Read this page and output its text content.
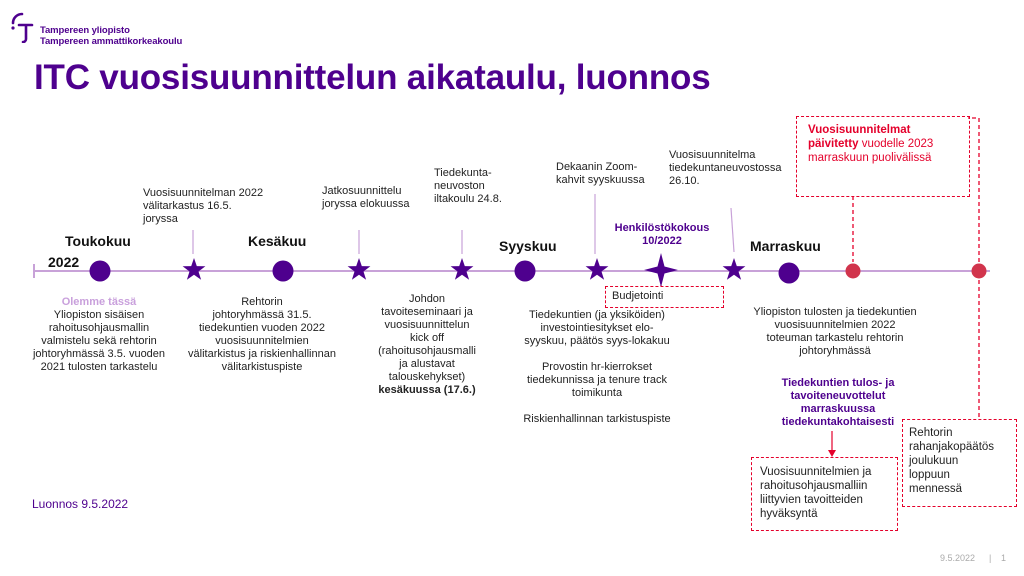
Tampereen yliopisto
Tampereen ammattikorkeakoulu
ITC vuosisuunnittelun aikataulu, luonnos
Toukokuu
2022
Kesäkuu	Syyskuu	Marraskuu
Vuosisuunnitelman 2022
välitarkastus 16.5.
joryssa
Jatkosuunnittelu
joryssa elokuussa
Tiedekunta-
neuvoston
iltakoulu 24.8.
Dekaanin Zoom-
kahvit syyskuussa
Henkilöstökokous
10/2022
Vuosisuunnitelma
tiedekuntaneuvostossa
26.10.
Vuosisuunnitelmat
päivitetty vuodelle 2023
marraskuun puolivälissä
Budjetointi
Olemme tässä
Yliopiston sisäisen
rahoitusohjausmallin
valmistelu sekä rehtorin
johtoryhmässä 3.5. vuoden
2021 tulosten tarkastelu
Rehtorin
johtoryhmässä 31.5.
tiedekuntien vuoden 2022
vuosisuunnitelmien
välitarkistus ja riskienhallinnan
välitarkistuspiste
Johdon
tavoiteseminaari ja
vuosisuunnittelun
kick off
(rahoitusohjausmalli
ja alustavat
talouskehykset)
kesäkuussa (17.6.)
Tiedekuntien (ja yksiköiden)
investointiesitykset elo-
syyskuu, päätös syys-lokakuu
Provostin hr-kierrokset
tiedekunnissa ja tenure track
toimikunta
Riskienhallinnan tarkistuspiste
Yliopiston tulosten ja tiedekuntien
vuosisuunnitelmien 2022
toteuman tarkastelu rehtorin
johtoryhmässä
Tiedekuntien tulos- ja
tavoiteneuvottelut
marraskuussa
tiedekuntakohtaisesti
Vuosisuunnitelmien ja
rahoitusohjausmalliin
liittyvien tavoitteiden
hyväksyntä
Rehtorin
rahanjakopäätös
joulukuun
loppuun
mennessä
Luonnos 9.5.2022
9.5.2022 | 1
